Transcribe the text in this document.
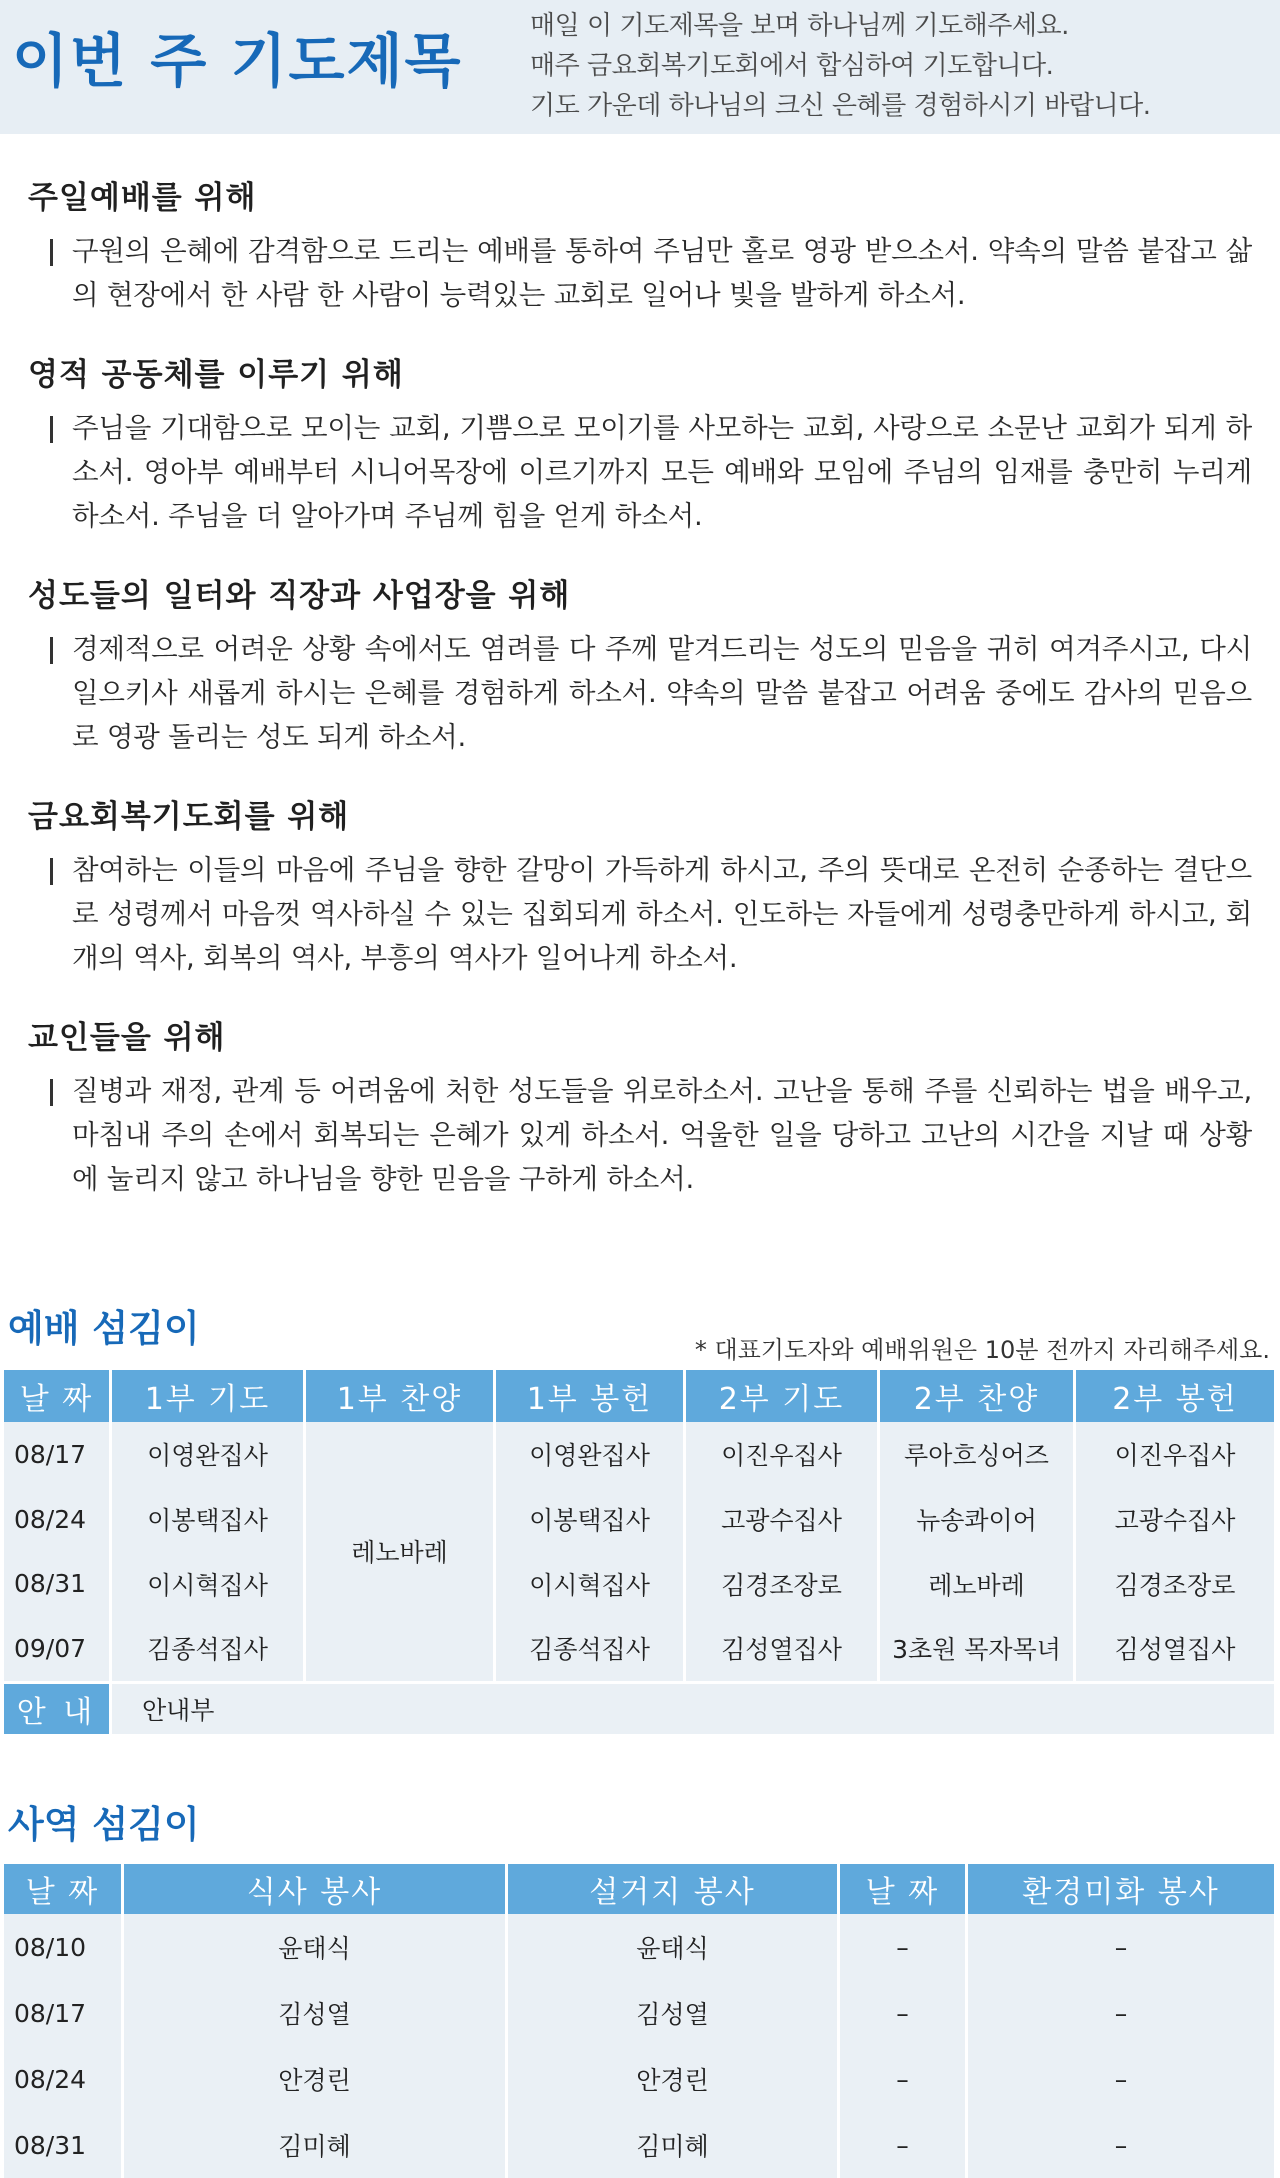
이번 주 기도제목
매일 이 기도제목을 보며 하나님께 기도해주세요.
매주 금요회복기도회에서 합심하여 기도합니다.
기도 가운데 하나님의 크신 은혜를 경험하시기 바랍니다.
주일예배를 위해
구원의 은혜에 감격함으로 드리는 예배를 통하여 주님만 홀로 영광 받으소서. 약속의 말씀 붙잡고 삶의 현장에서 한 사람 한 사람이 능력있는 교회로 일어나 빛을 발하게 하소서.
영적 공동체를 이루기 위해
주님을 기대함으로 모이는 교회, 기쁨으로 모이기를 사모하는 교회, 사랑으로 소문난 교회가 되게 하소서. 영아부 예배부터 시니어목장에 이르기까지 모든 예배와 모임에 주님의 임재를 충만히 누리게 하소서. 주님을 더 알아가며 주님께 힘을 얻게 하소서.
성도들의 일터와 직장과 사업장을 위해
경제적으로 어려운 상황 속에서도 염려를 다 주께 맡겨드리는 성도의 믿음을 귀히 여겨주시고, 다시 일으키사 새롭게 하시는 은혜를 경험하게 하소서. 약속의 말씀 붙잡고 어려움 중에도 감사의 믿음으로 영광 돌리는 성도 되게 하소서.
금요회복기도회를 위해
참여하는 이들의 마음에 주님을 향한 갈망이 가득하게 하시고, 주의 뜻대로 온전히 순종하는 결단으로 성령께서 마음껏 역사하실 수 있는 집회되게 하소서. 인도하는 자들에게 성령충만하게 하시고, 회개의 역사, 회복의 역사, 부흥의 역사가 일어나게 하소서.
교인들을 위해
질병과 재정, 관계 등 어려움에 처한 성도들을 위로하소서. 고난을 통해 주를 신뢰하는 법을 배우고, 마침내 주의 손에서 회복되는 은혜가 있게 하소서. 억울한 일을 당하고 고난의 시간을 지날 때 상황에 눌리지 않고 하나님을 향한 믿음을 구하게 하소서.
예배 섬김이	* 대표기도자와 예배위원은 10분 전까지 자리해주세요.
날 짜	1부 기도	1부 찬양	1부 봉헌	2부 기도	2부 찬양	2부 봉헌
08/17	이영완집사	레노바레	이영완집사	이진우집사	루아흐싱어즈	이진우집사
08/24	이봉택집사		이봉택집사	고광수집사	뉴송콰이어	고광수집사
08/31	이시혁집사		이시혁집사	김경조장로	레노바레	김경조장로
09/07	김종석집사		김종석집사	김성열집사	3초원 목자목녀	김성열집사
안 내	안내부					
사역 섬김이
날 짜	식사 봉사	설거지 봉사	날 짜	환경미화 봉사
08/10	윤태식	윤태식	–	–
08/17	김성열	김성열	–	–
08/24	안경린	안경린	–	–
08/31	김미혜	김미혜	–	–
